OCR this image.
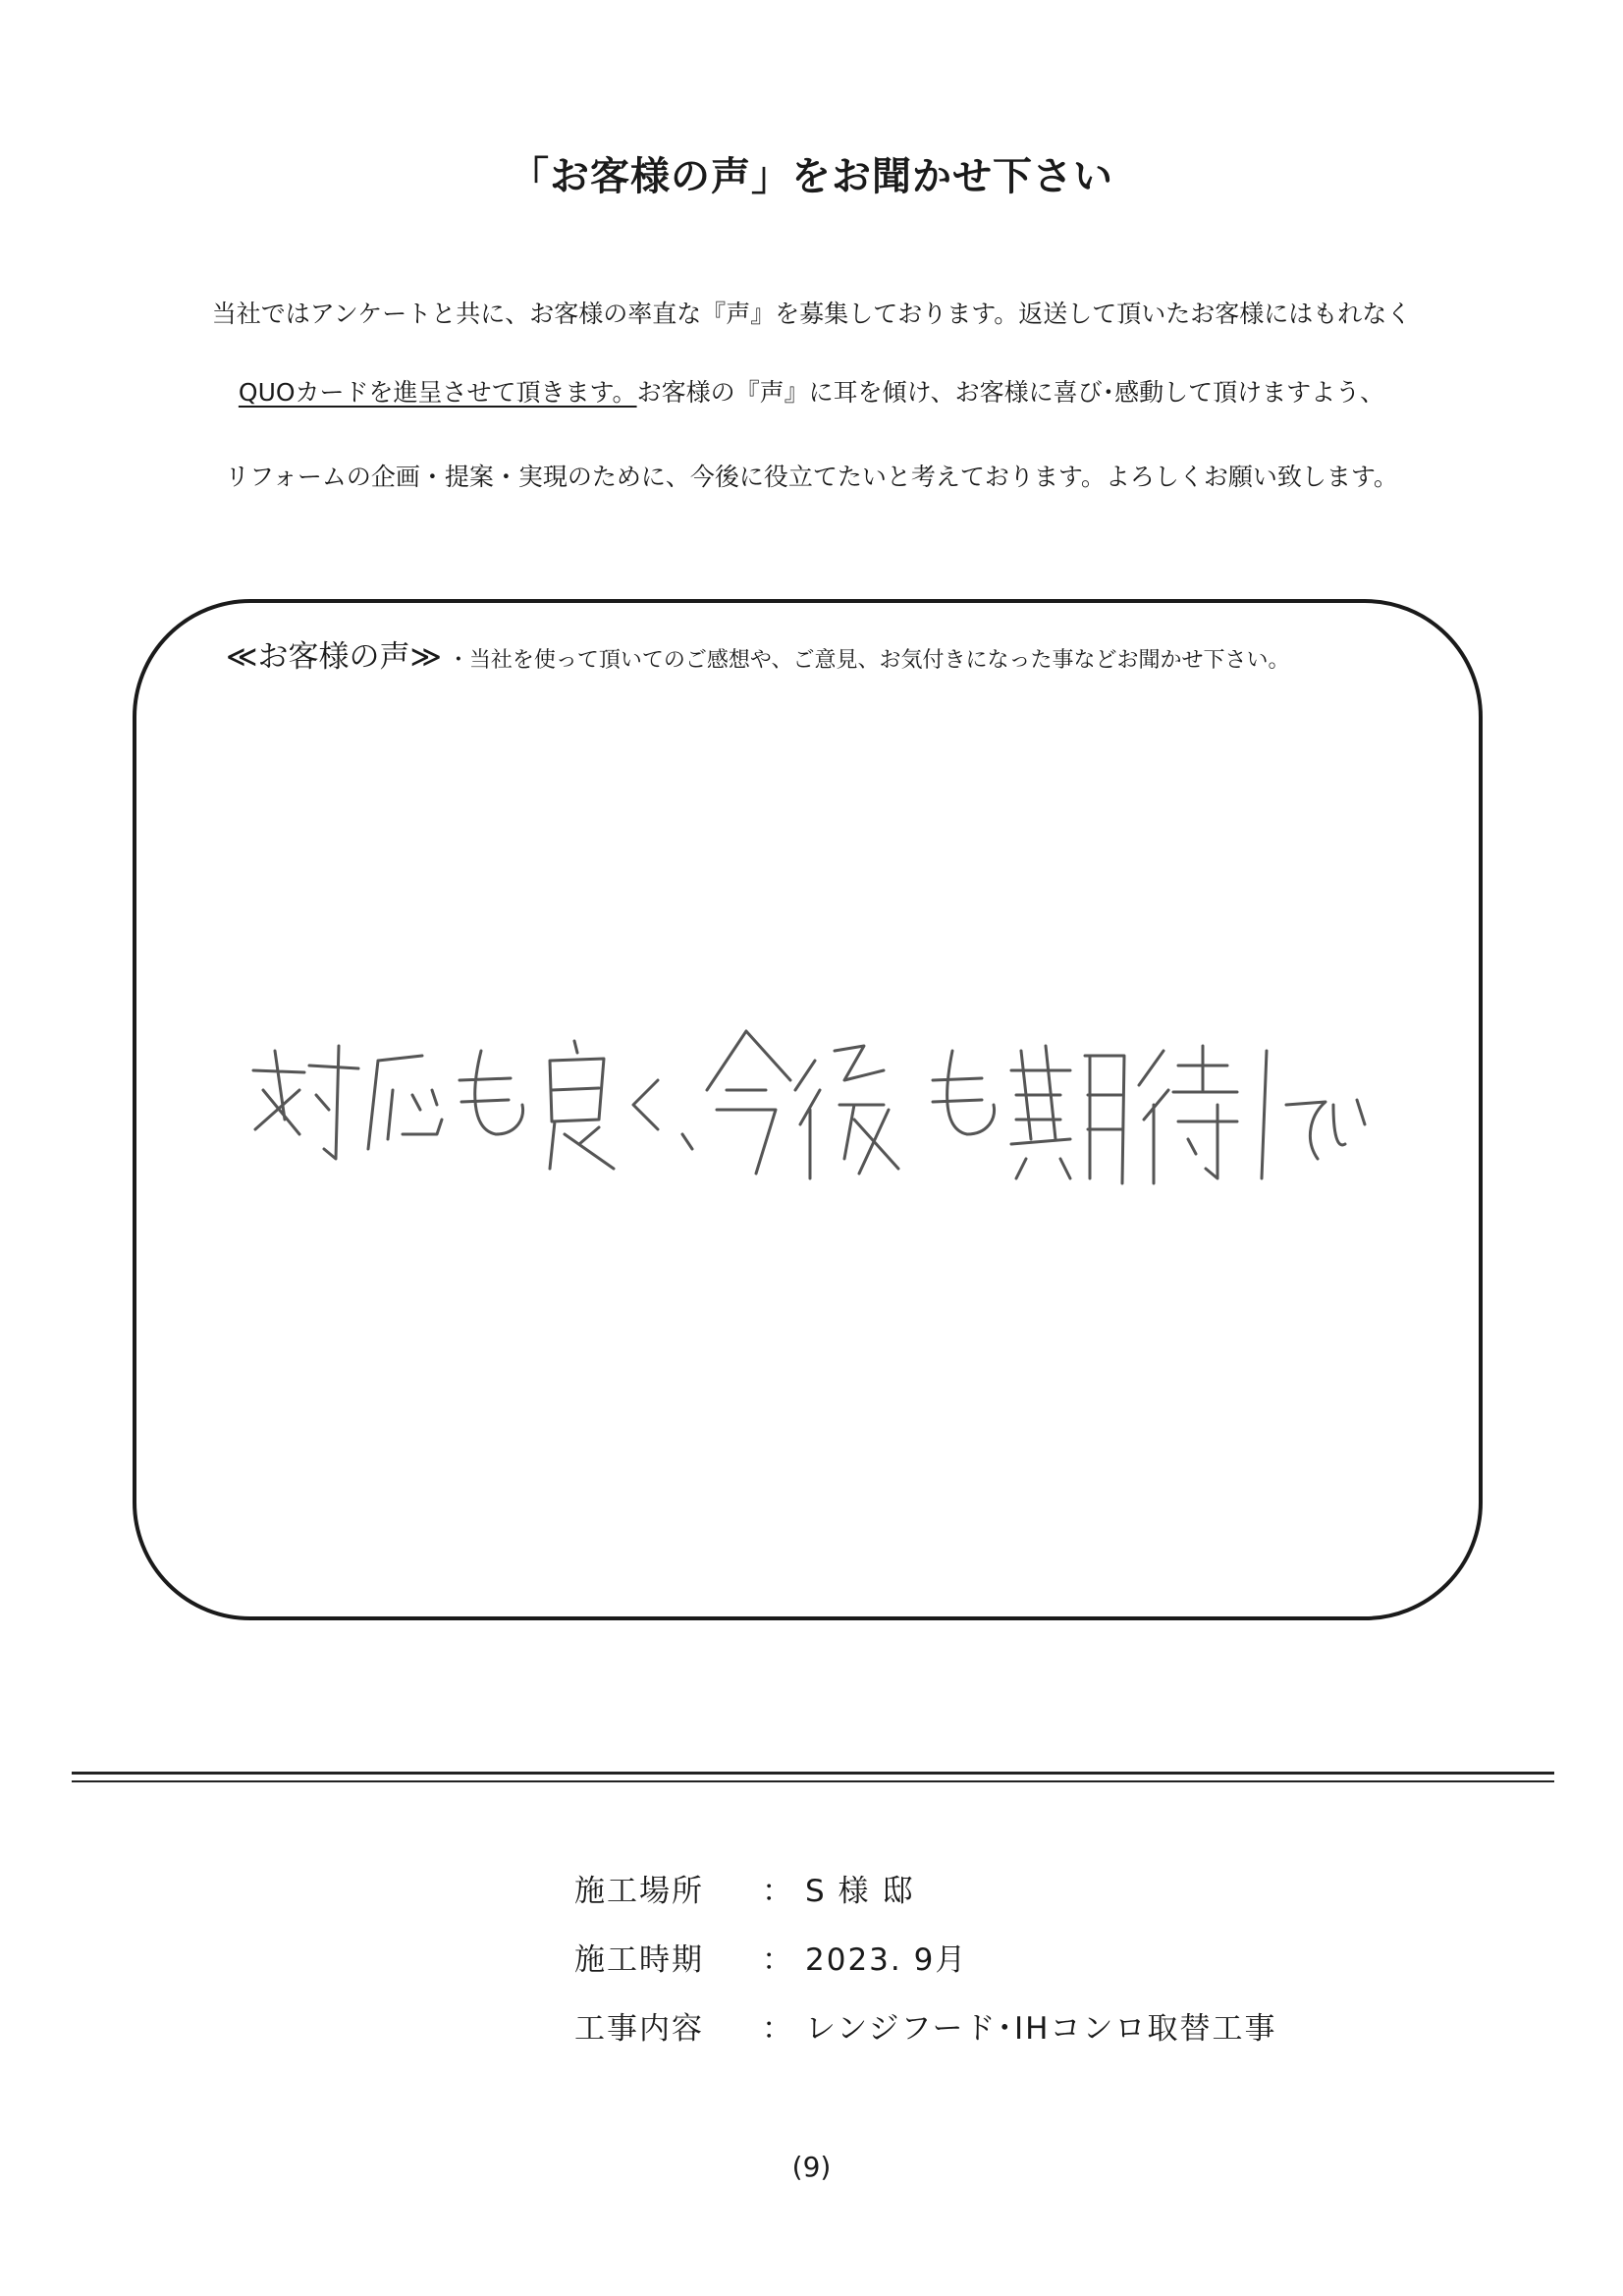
「お客様の声」をお聞かせ下さい
当社ではアンケートと共に、お客様の率直な『声』を募集しております。返送して頂いたお客様にはもれなく
QUOカードを進呈させて頂きます。お客様の『声』に耳を傾け、お客様に喜び･感動して頂けますよう、
リフォームの企画・提案・実現のために、今後に役立てたいと考えております。よろしくお願い致します。
≪お客様の声≫ ・当社を使って頂いてのご感想や、ご意見、お気付きになった事などお聞かせ下さい。
施工場所 ： S 様 邸
施工時期 ： 2023. 9月
工事内容 ： レンジフード･IHコンロ取替工事
(9)
